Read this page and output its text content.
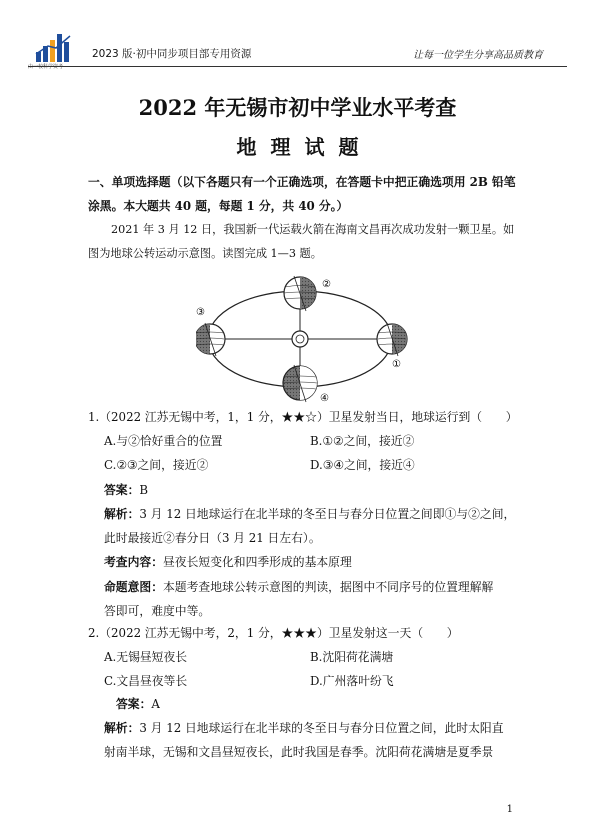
由一校科学资考
2023 版·初中同步项目部专用资源	让每一位学生分享高品质教育
2022 年无锡市初中学业水平考查
地理试题
一、单项选择题（以下各题只有一个正确选项，在答题卡中把正确选项用 2B 铅笔涂黑。本大题共 40 题，每题 1 分，共 40 分。）
2021 年 3 月 12 日，我国新一代运载火箭在海南文昌再次成功发射一颗卫星。如图为地球公转运动示意图。读图完成 1—3 题。
②
③
①
④
1.（2022 江苏无锡中考，1，1 分，★★☆）卫星发射当日，地球运行到（　　）
A.与②恰好重合的位置	B.①②之间，接近②
C.②③之间，接近②	D.③④之间，接近④
答案：B
解析：3 月 12 日地球运行在北半球的冬至日与春分日位置之间即①与②之间，
此时最接近②春分日（3 月 21 日左右）。
考查内容：昼夜长短变化和四季形成的基本原理
命题意图：本题考查地球公转示意图的判读，据图中不同序号的位置理解解
答即可，难度中等。
2.（2022 江苏无锡中考，2，1 分，★★★）卫星发射这一天（　　）
A.无锡昼短夜长	B.沈阳荷花满塘
C.文昌昼夜等长	D.广州落叶纷飞
答案：A
解析：3 月 12 日地球运行在北半球的冬至日与春分日位置之间，此时太阳直
射南半球，无锡和文昌昼短夜长，此时我国是春季。沈阳荷花满塘是夏季景
1
